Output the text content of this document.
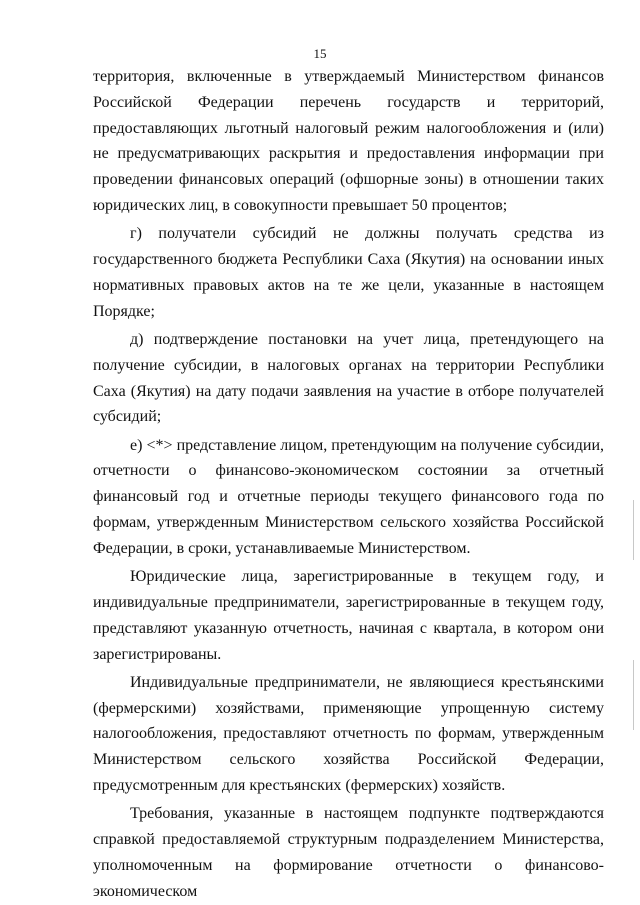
15

территория, включенные в утверждаемый Министерством финансов Российской Федерации перечень государств и территорий, предоставляющих льготный налоговый режим налогообложения и (или) не предусматривающих раскрытия и предоставления информации при проведении финансовых операций (офшорные зоны) в отношении таких юридических лиц, в совокупности превышает 50 процентов;

г) получатели субсидий не должны получать средства из государственного бюджета Республики Саха (Якутия) на основании иных нормативных правовых актов на те же цели, указанные в настоящем Порядке;

д) подтверждение постановки на учет лица, претендующего на получение субсидии, в налоговых органах на территории Республики Саха (Якутия) на дату подачи заявления на участие в отборе получателей субсидий;

е) <*> представление лицом, претендующим на получение субсидии, отчетности о финансово-экономическом состоянии за отчетный финансовый год и отчетные периоды текущего финансового года по формам, утвержденным Министерством сельского хозяйства Российской Федерации, в сроки, устанавливаемые Министерством.

Юридические лица, зарегистрированные в текущем году, и индивидуальные предприниматели, зарегистрированные в текущем году, представляют указанную отчетность, начиная с квартала, в котором они зарегистрированы.

Индивидуальные предприниматели, не являющиеся крестьянскими (фермерскими) хозяйствами, применяющие упрощенную систему налогообложения, предоставляют отчетность по формам, утвержденным Министерством сельского хозяйства Российской Федерации, предусмотренным для крестьянских (фермерских) хозяйств.

Требования, указанные в настоящем подпункте подтверждаются справкой предоставляемой структурным подразделением Министерства, уполномоченным на формирование отчетности о финансово-экономическом
